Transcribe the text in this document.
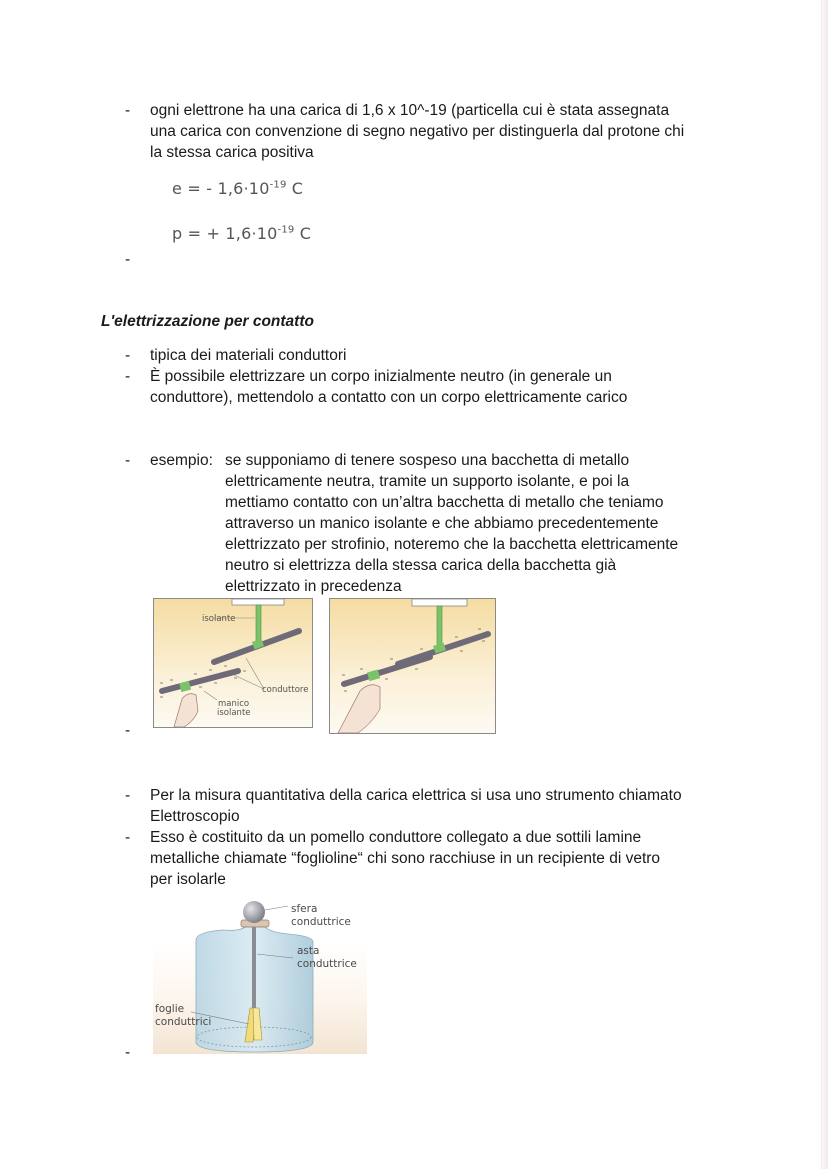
- ogni elettrone ha una carica di 1,6 x 10^-19 (particella cui è stata assegnata
una carica con convenzione di segno negativo per distinguerla dal protone chi
la stessa carica positiva
e = - $1,6\cdot 10^{-19}$ C
p = + $1,6\cdot 10^{-19}$ C
-
L'elettrizzazione per contatto
- tipica dei materiali conduttori
- È possibile elettrizzare un corpo inizialmente neutro (in generale un
conduttore), mettendolo a contatto con un corpo elettricamente carico
- esempio: se supponiamo di tenere sospeso una bacchetta di metallo
elettricamente neutra, tramite un supporto isolante, e poi la
mettiamo contatto con un’altra bacchetta di metallo che teniamo
attraverso un manico isolante e che abbiamo precedentemente
elettrizzato per strofinio, noteremo che la bacchetta elettricamente
neutro si elettrizza della stessa carica della bacchetta già
elettrizzato in precedenza
isolante
conduttore
manico
isolante
-
- Per la misura quantitativa della carica elettrica si usa uno strumento chiamato
Elettroscopio
- Esso è costituito da un pomello conduttore collegato a due sottili lamine
metalliche chiamate “foglioline“ chi sono racchiuse in un recipiente di vetro
per isolarle
sfera
conduttrice
asta
conduttrice
foglie
conduttrici
-
